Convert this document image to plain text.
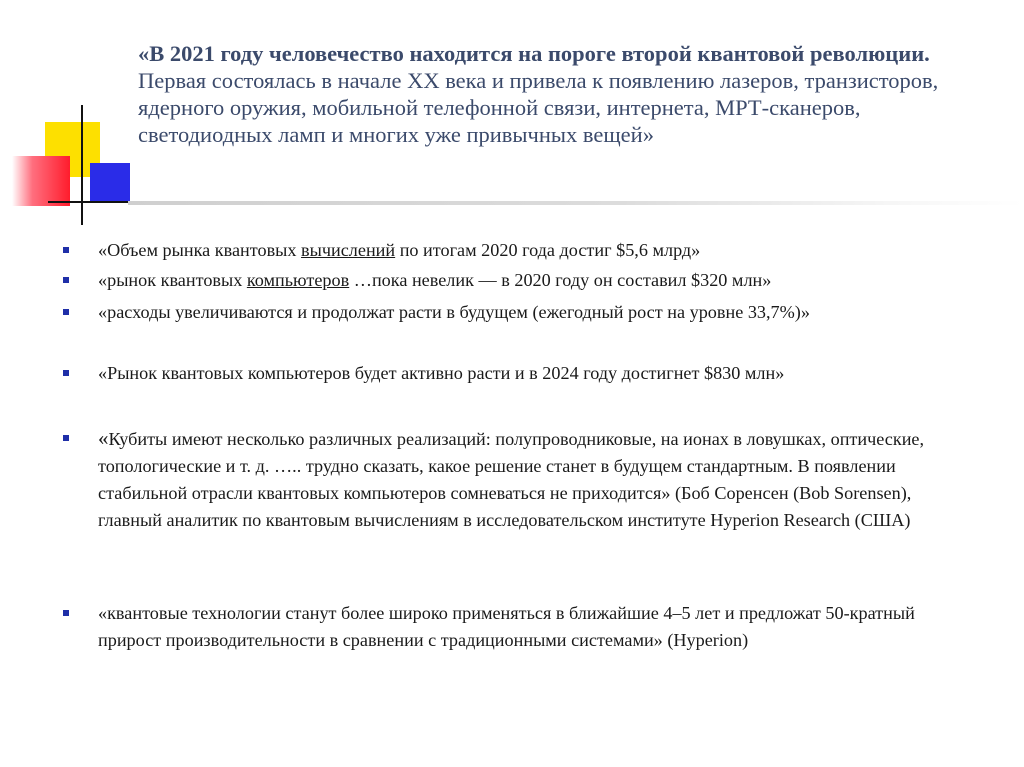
«В 2021 году человечество находится на пороге второй квантовой революции. Первая состоялась в начале XX века и привела к появлению лазеров, транзисторов, ядерного оружия, мобильной телефонной связи, интернета, МРТ-сканеров, светодиодных ламп и многих уже привычных вещей»
«Объем рынка квантовых вычислений по итогам 2020 года достиг $5,6 млрд»
«рынок квантовых компьютеров …пока невелик — в 2020 году он составил $320 млн»
«расходы увеличиваются и продолжат расти в будущем (ежегодный рост на уровне 33,7%)»
«Рынок квантовых компьютеров будет активно расти и в 2024 году достигнет $830 млн»
«Кубиты имеют несколько различных реализаций: полупроводниковые, на ионах в ловушках, оптические, топологические и т. д. ….. трудно сказать, какое решение станет в будущем стандартным. В появлении стабильной отрасли квантовых компьютеров сомневаться не приходится» (Боб Соренсен (Bob Sorensen), главный аналитик по квантовым вычислениям в исследовательском институте Hyperion Research (США)
«квантовые технологии станут более широко применяться в ближайшие 4–5 лет и предложат 50-кратный прирост производительности в сравнении с традиционными системами» (Hyperion)
